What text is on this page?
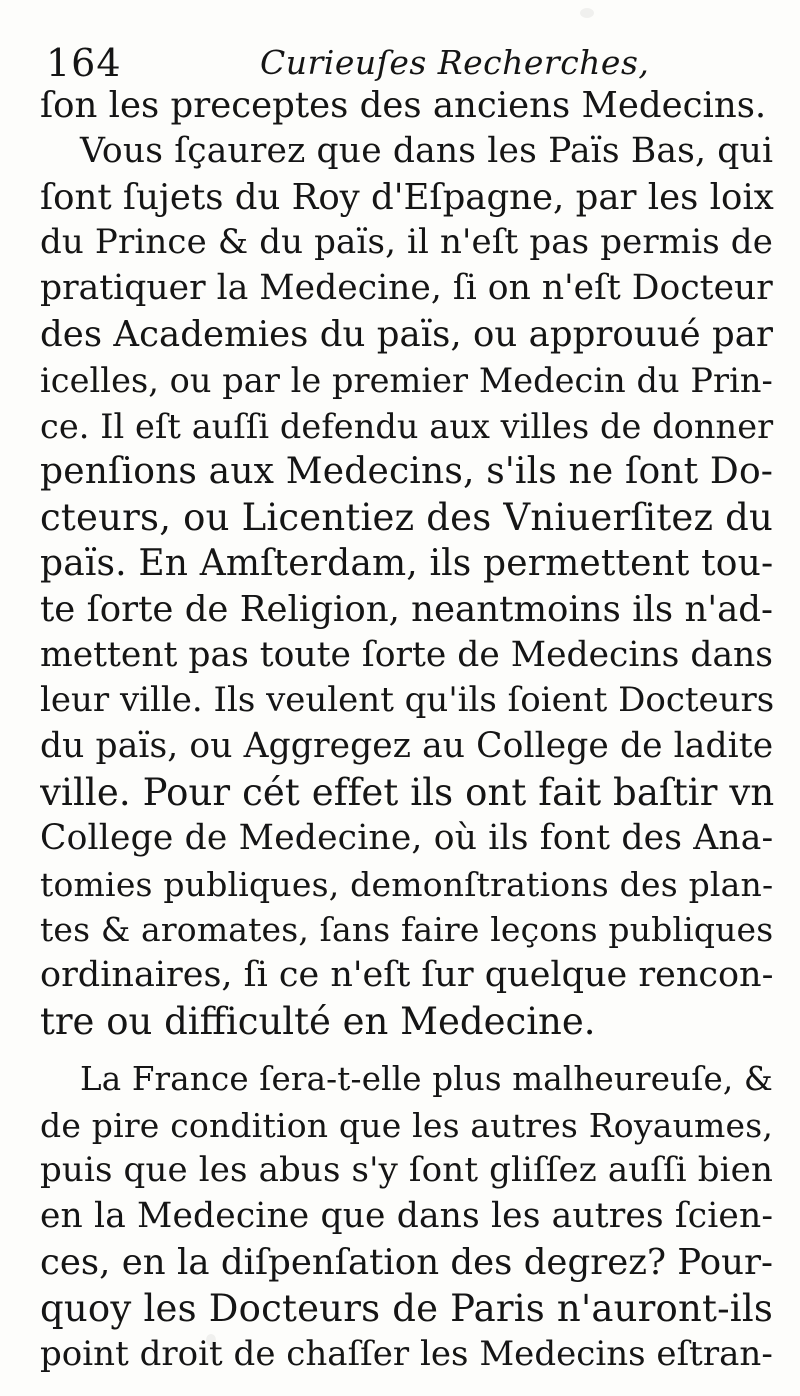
164	Curieuſes Recherches,
ſon les preceptes des anciens Medecins.
Vous ſçaurez que dans les Païs Bas, qui
ſont ſujets du Roy d'Eſpagne, par les loix
du Prince & du païs, il n'eſt pas permis de
pratiquer la Medecine, ſi on n'eſt Docteur
des Academies du païs, ou approuué par
icelles, ou par le premier Medecin du Prin-
ce. Il eſt auſſi defendu aux villes de donner
penſions aux Medecins, s'ils ne ſont Do-
cteurs, ou Licentiez des Vniuerſitez du
païs. En Amſterdam, ils permettent tou-
te ſorte de Religion, neantmoins ils n'ad-
mettent pas toute ſorte de Medecins dans
leur ville. Ils veulent qu'ils ſoient Docteurs
du païs, ou Aggregez au College de ladite
ville. Pour cét effet ils ont fait baſtir vn
College de Medecine, où ils font des Ana-
tomies publiques, demonſtrations des plan-
tes & aromates, ſans faire leçons publiques
ordinaires, ſi ce n'eſt ſur quelque rencon-
tre ou difficulté en Medecine.
La France ſera-t-elle plus malheureuſe, &
de pire condition que les autres Royaumes,
puis que les abus s'y ſont gliſſez auſſi bien
en la Medecine que dans les autres ſcien-
ces, en la diſpenſation des degrez? Pour-
quoy les Docteurs de Paris n'auront-ils
point droit de chaſſer les Medecins eſtran-
